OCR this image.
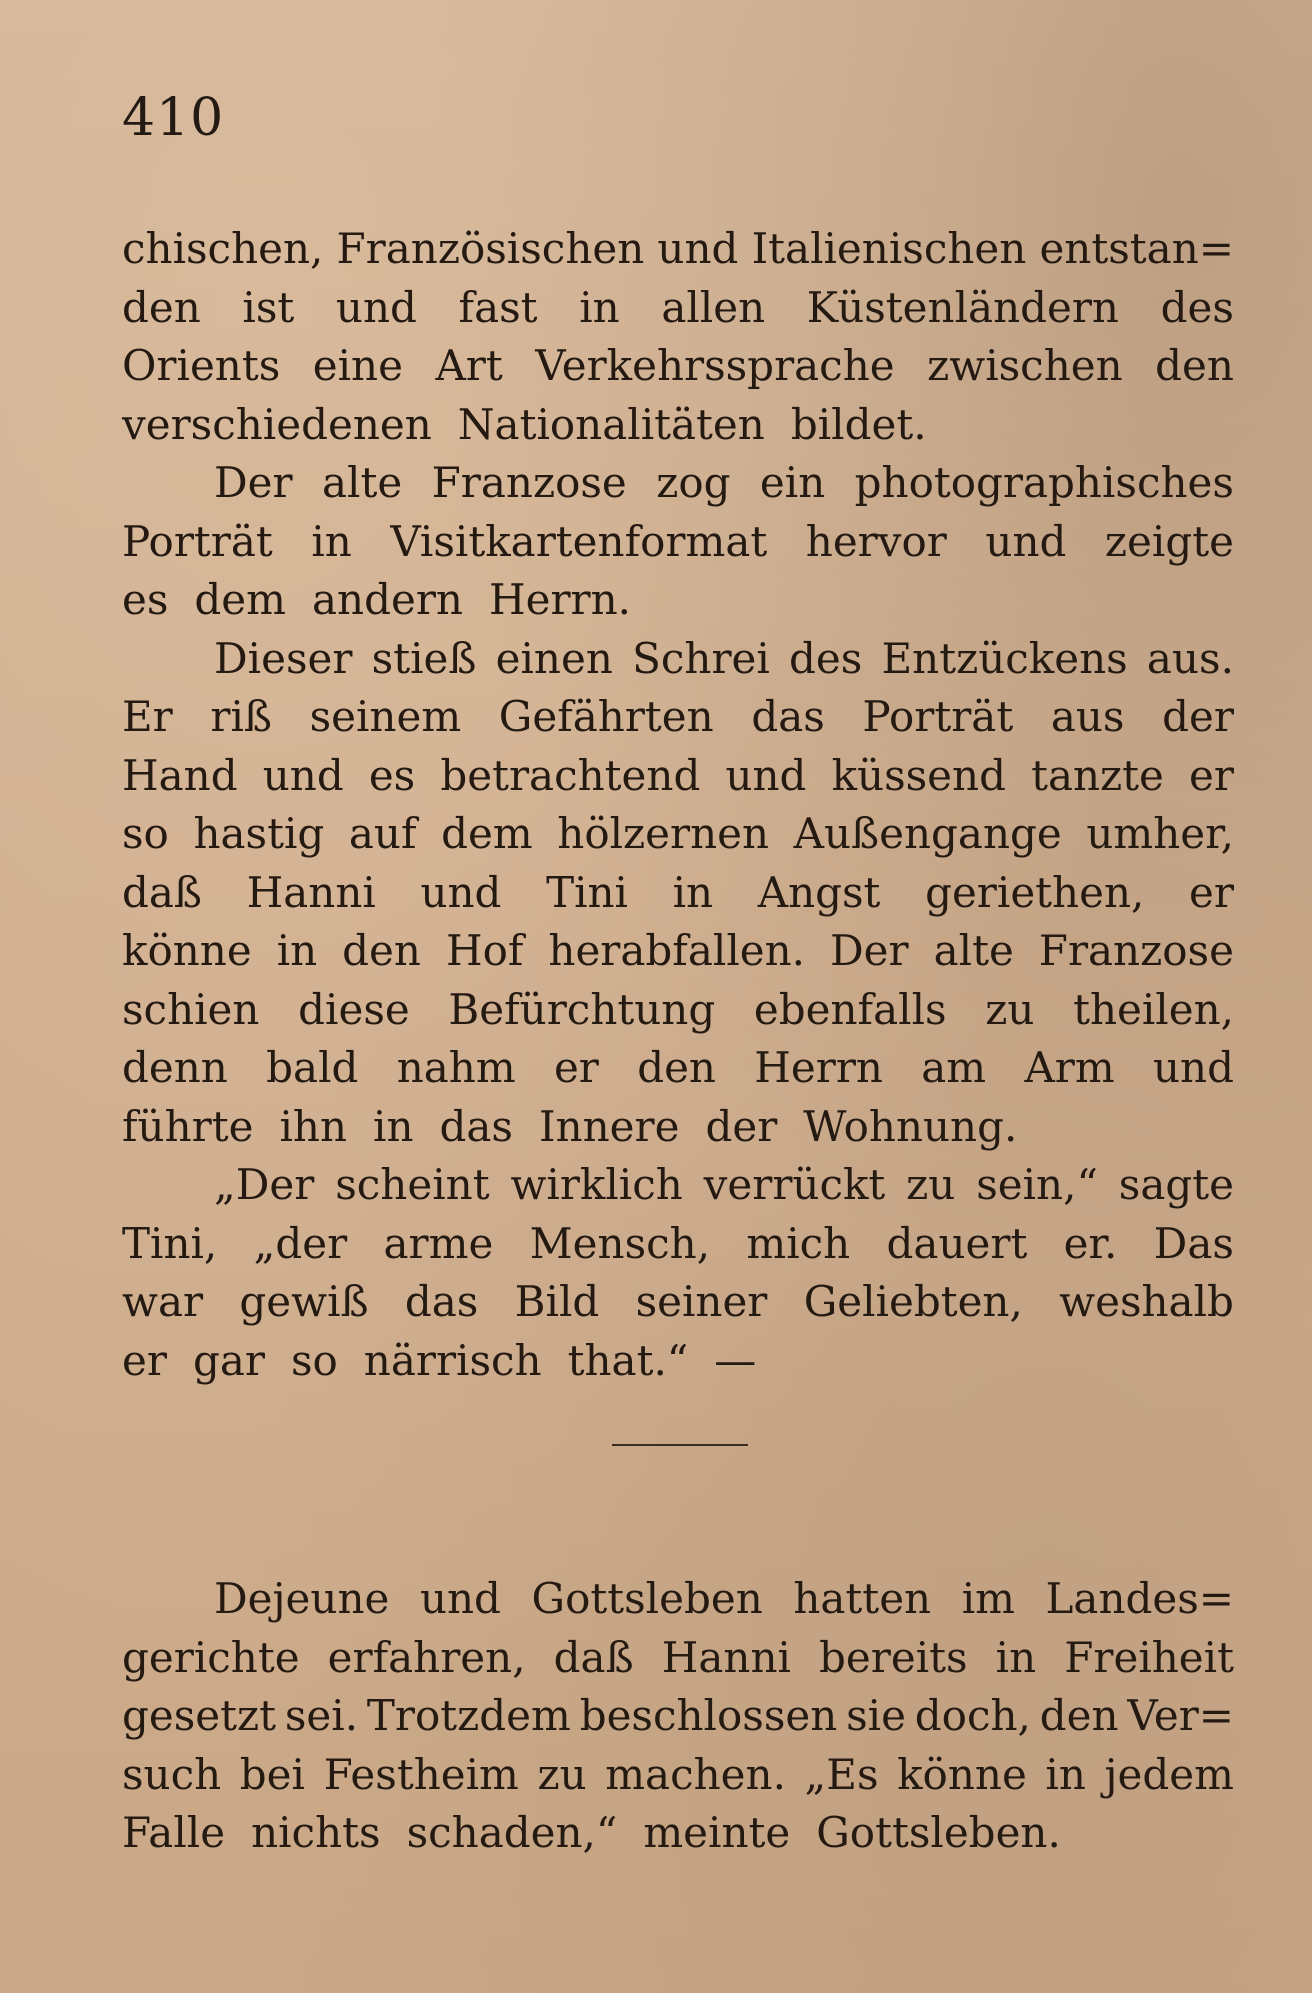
410
chischen, Französischen und Italienischen entstan=
den ist und fast in allen Küstenländern des
Orients eine Art Verkehrssprache zwischen den
verschiedenen Nationalitäten bildet.
Der alte Franzose zog ein photographisches
Porträt in Visitkartenformat hervor und zeigte
es dem andern Herrn.
Dieser stieß einen Schrei des Entzückens aus.
Er riß seinem Gefährten das Porträt aus der
Hand und es betrachtend und küssend tanzte er
so hastig auf dem hölzernen Außengange umher,
daß Hanni und Tini in Angst geriethen, er
könne in den Hof herabfallen. Der alte Franzose
schien diese Befürchtung ebenfalls zu theilen,
denn bald nahm er den Herrn am Arm und
führte ihn in das Innere der Wohnung.
„Der scheint wirklich verrückt zu sein,“ sagte
Tini, „der arme Mensch, mich dauert er. Das
war gewiß das Bild seiner Geliebten, weshalb
er gar so närrisch that.“ —
Dejeune und Gottsleben hatten im Landes=
gerichte erfahren, daß Hanni bereits in Freiheit
gesetzt sei. Trotzdem beschlossen sie doch, den Ver=
such bei Festheim zu machen. „Es könne in jedem
Falle nichts schaden,“ meinte Gottsleben.
